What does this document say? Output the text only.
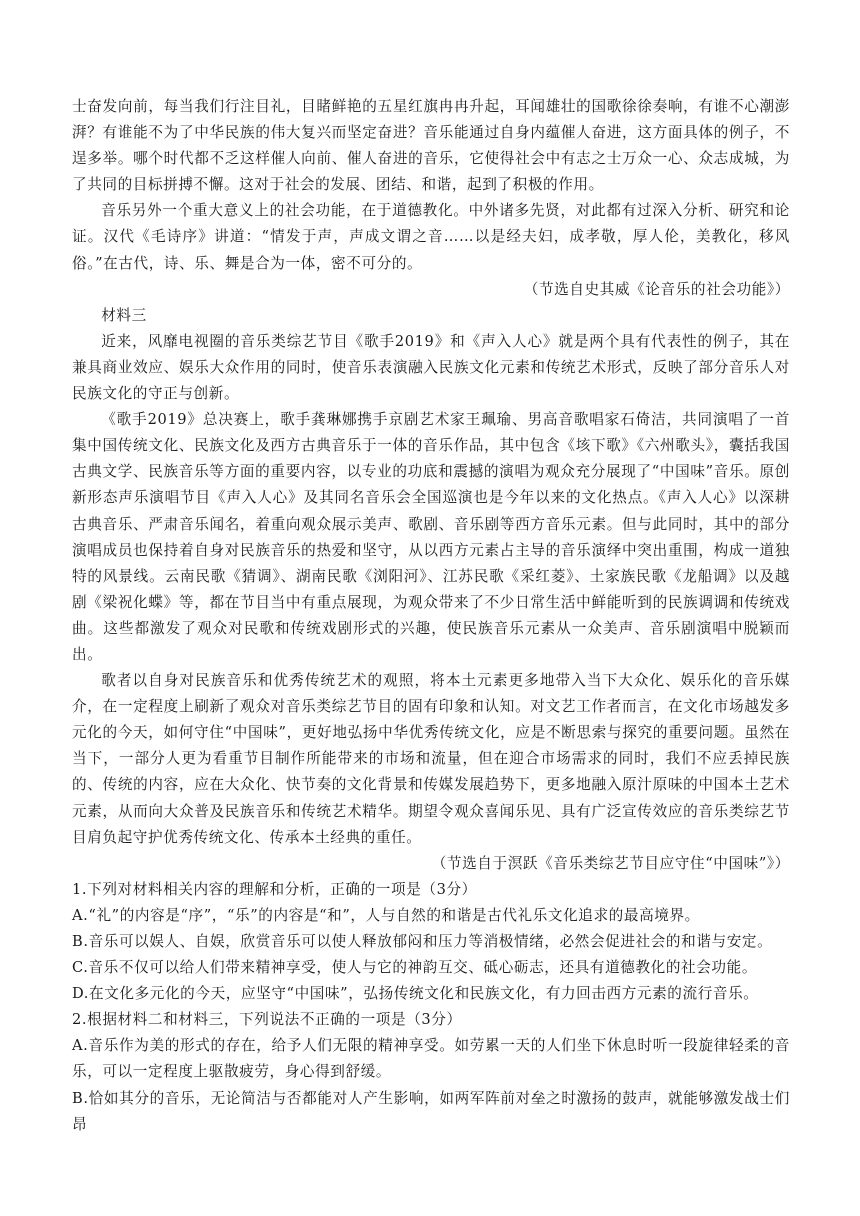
士奋发向前，每当我们行注目礼，目睹鲜艳的五星红旗冉冉升起，耳闻雄壮的国歌徐徐奏响，有谁不心潮澎湃？有谁能不为了中华民族的伟大复兴而坚定奋进？音乐能通过自身内蕴催人奋进，这方面具体的例子，不逞多举。哪个时代都不乏这样催人向前、催人奋进的音乐，它使得社会中有志之士万众一心、众志成城，为了共同的目标拼搏不懈。这对于社会的发展、团结、和谐，起到了积极的作用。

音乐另外一个重大意义上的社会功能，在于道德教化。中外诸多先贤，对此都有过深入分析、研究和论证。汉代《毛诗序》讲道：“情发于声，声成文谓之音……以是经夫妇，成孝敬，厚人伦，美教化，移风俗。”在古代，诗、乐、舞是合为一体，密不可分的。

（节选自史其威《论音乐的社会功能》）

材料三

近来，风靡电视圈的音乐类综艺节目《歌手2019》和《声入人心》就是两个具有代表性的例子，其在兼具商业效应、娱乐大众作用的同时，使音乐表演融入民族文化元素和传统艺术形式，反映了部分音乐人对民族文化的守正与创新。

《歌手2019》总决赛上，歌手龚琳娜携手京剧艺术家王珮瑜、男高音歌唱家石倚洁，共同演唱了一首集中国传统文化、民族文化及西方古典音乐于一体的音乐作品，其中包含《垓下歌》《六州歌头》，囊括我国古典文学、民族音乐等方面的重要内容，以专业的功底和震撼的演唱为观众充分展现了“中国味”音乐。原创新形态声乐演唱节目《声入人心》及其同名音乐会全国巡演也是今年以来的文化热点。《声入人心》以深耕古典音乐、严肃音乐闻名，着重向观众展示美声、歌剧、音乐剧等西方音乐元素。但与此同时，其中的部分演唱成员也保持着自身对民族音乐的热爱和坚守，从以西方元素占主导的音乐演绎中突出重围，构成一道独特的风景线。云南民歌《猜调》、湖南民歌《浏阳河》、江苏民歌《采红菱》、土家族民歌《龙船调》以及越剧《梁祝化蝶》等，都在节目当中有重点展现，为观众带来了不少日常生活中鲜能听到的民族调调和传统戏曲。这些都激发了观众对民歌和传统戏剧形式的兴趣，使民族音乐元素从一众美声、音乐剧演唱中脱颖而出。

歌者以自身对民族音乐和优秀传统艺术的观照，将本土元素更多地带入当下大众化、娱乐化的音乐媒介，在一定程度上刷新了观众对音乐类综艺节目的固有印象和认知。对文艺工作者而言，在文化市场越发多元化的今天，如何守住“中国味”，更好地弘扬中华优秀传统文化，应是不断思索与探究的重要问题。虽然在当下，一部分人更为看重节目制作所能带来的市场和流量，但在迎合市场需求的同时，我们不应丢掉民族的、传统的内容，应在大众化、快节奏的文化背景和传媒发展趋势下，更多地融入原汁原味的中国本土艺术元素，从而向大众普及民族音乐和传统艺术精华。期望令观众喜闻乐见、具有广泛宣传效应的音乐类综艺节目肩负起守护优秀传统文化、传承本土经典的重任。

（节选自于溟跃《音乐类综艺节目应守住“中国味”》）

1.下列对材料相关内容的理解和分析，正确的一项是（3分）

A.“礼”的内容是“序”，“乐”的内容是“和”，人与自然的和谐是古代礼乐文化追求的最高境界。

B.音乐可以娱人、自娱，欣赏音乐可以使人释放郁闷和压力等消极情绪，必然会促进社会的和谐与安定。

C.音乐不仅可以给人们带来精神享受，使人与它的神韵互交、砥心砺志，还具有道德教化的社会功能。

D.在文化多元化的今天，应坚守“中国味”，弘扬传统文化和民族文化，有力回击西方元素的流行音乐。

2.根据材料二和材料三，下列说法不正确的一项是（3分）

A.音乐作为美的形式的存在，给予人们无限的精神享受。如劳累一天的人们坐下休息时听一段旋律轻柔的音乐，可以一定程度上驱散疲劳，身心得到舒缓。

B.恰如其分的音乐，无论简洁与否都能对人产生影响，如两军阵前对垒之时激扬的鼓声，就能够激发战士们昂
